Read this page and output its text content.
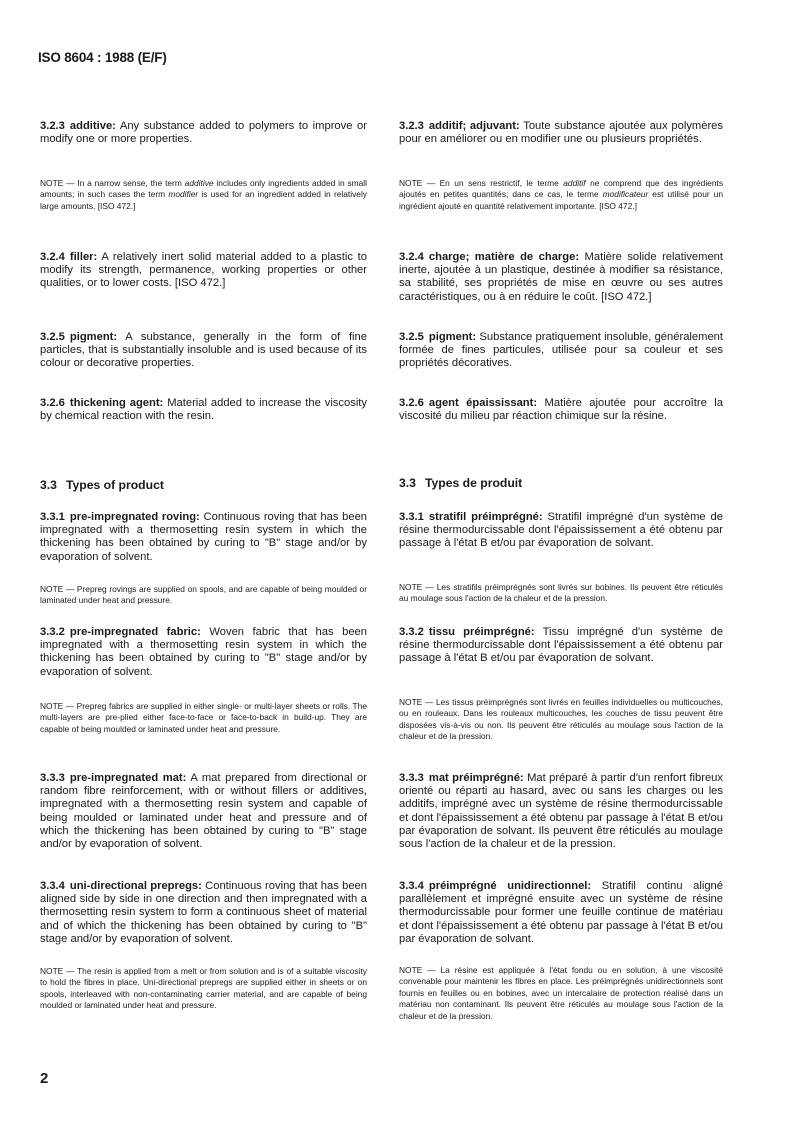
ISO 8604 : 1988 (E/F)

3.2.3 additive: Any substance added to polymers to improve or modify one or more properties.

NOTE — In a narrow sense, the term additive includes only ingredients added in small amounts; in such cases the term modifier is used for an ingredient added in relatively large amounts. [ISO 472.]

3.2.4 filler: A relatively inert solid material added to a plastic to modify its strength, permanence, working properties or other qualities, or to lower costs. [ISO 472.]

3.2.5 pigment: A substance, generally in the form of fine particles, that is substantially insoluble and is used because of its colour or decorative properties.

3.2.6 thickening agent: Material added to increase the viscosity by chemical reaction with the resin.

3.3 Types of product

3.3.1 pre-impregnated roving: Continuous roving that has been impregnated with a thermosetting resin system in which the thickening has been obtained by curing to "B" stage and/or by evaporation of solvent.

NOTE — Prepreg rovings are supplied on spools, and are capable of being moulded or laminated under heat and pressure.

3.3.2 pre-impregnated fabric: Woven fabric that has been impregnated with a thermosetting resin system in which the thickening has been obtained by curing to "B" stage and/or by evaporation of solvent.

NOTE — Prepreg fabrics are supplied in either single- or multi-layer sheets or rolls. The multi-layers are pre-plied either face-to-face or face-to-back in build-up. They are capable of being moulded or laminated under heat and pressure.

3.3.3 pre-impregnated mat: A mat prepared from directional or random fibre reinforcement, with or without fillers or additives, impregnated with a thermosetting resin system and capable of being moulded or laminated under heat and pressure and of which the thickening has been obtained by curing to "B" stage and/or by evaporation of solvent.

3.3.4 uni-directional prepregs: Continuous roving that has been aligned side by side in one direction and then impregnated with a thermosetting resin system to form a continuous sheet of material and of which the thickening has been obtained by curing to "B" stage and/or by evaporation of solvent.

NOTE — The resin is applied from a melt or from solution and is of a suitable viscosity to hold the fibres in place. Uni-directional prepregs are supplied either in sheets or on spools, interleaved with non-contaminating carrier material, and are capable of being moulded or laminated under heat and pressure.

3.2.3 additif; adjuvant: Toute substance ajoutée aux polymères pour en améliorer ou en modifier une ou plusieurs propriétés.

NOTE — En un sens restrictif, le terme additif ne comprend que des ingrédients ajoutés en petites quantités; dans ce cas, le terme modificateur est utilisé pour un ingrédient ajouté en quantité relativement importante. [ISO 472.]

3.2.4 charge; matière de charge: Matière solide relativement inerte, ajoutée à un plastique, destinée à modifier sa résistance, sa stabilité, ses propriétés de mise en œuvre ou ses autres caractéristiques, ou à en réduire le coût. [ISO 472.]

3.2.5 pigment: Substance pratiquement insoluble, généralement formée de fines particules, utilisée pour sa couleur et ses propriétés décoratives.

3.2.6 agent épaississant: Matière ajoutée pour accroître la viscosité du milieu par réaction chimique sur la résine.

3.3 Types de produit

3.3.1 stratifil préimprégné: Stratifil imprégné d'un système de résine thermodurcissable dont l'épaississement a été obtenu par passage à l'état B et/ou par évaporation de solvant.

NOTE — Les stratifils préimprégnés sont livrés sur bobines. Ils peuvent être réticulés au moulage sous l'action de la chaleur et de la pression.

3.3.2 tissu préimprégné: Tissu imprégné d'un système de résine thermodurcissable dont l'épaississement a été obtenu par passage à l'état B et/ou par évaporation de solvant.

NOTE — Les tissus préimprégnés sont livrés en feuilles individuelles ou multicouches, ou en rouleaux. Dans les rouleaux multicouches, les couches de tissu peuvent être disposées vis-à-vis ou non. Ils peuvent être réticulés au moulage sous l'action de la chaleur et de la pression.

3.3.3 mat préimprégné: Mat préparé à partir d'un renfort fibreux orienté ou réparti au hasard, avec ou sans les charges ou les additifs, imprégné avec un système de résine thermodurcissable et dont l'épaississement a été obtenu par passage à l'état B et/ou par évaporation de solvant. Ils peuvent être réticulés au moulage sous l'action de la chaleur et de la pression.

3.3.4 préimprégné unidirectionnel: Stratifil continu aligné parallèlement et imprégné ensuite avec un système de résine thermodurcissable pour former une feuille continue de matériau et dont l'épaississement a été obtenu par passage à l'état B et/ou par évaporation de solvant.

NOTE — La résine est appliquée à l'état fondu ou en solution, à une viscosité convenable pour maintenir les fibres en place. Les préimprégnés unidirectionnels sont fournis en feuilles ou en bobines, avec un intercalaire de protection réalisé dans un matériau non contaminant. Ils peuvent être réticulés au moulage sous l'action de la chaleur et de la pression.

2
